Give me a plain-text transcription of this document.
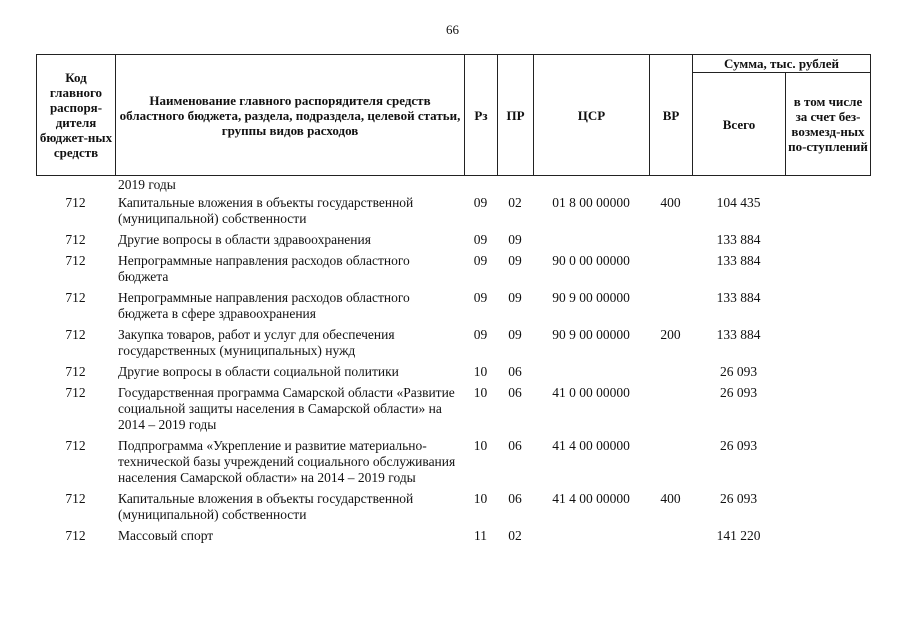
66
Код главного распоря-дителя бюджет-ных средств	Наименование главного распорядителя средств областного бюджета, раздела, подраздела, целевой статьи, группы видов расходов	Рз	ПР	ЦСР	ВР	Сумма, тыс. рублей	
						Всего	в том числе за счет без-возмезд-ных по-ступлений
	2019 годы						
712	Капитальные вложения в объекты государственной (муниципальной) собственности	09	02	01 8 00 00000	400	104 435	
712	Другие вопросы в области здравоохранения	09	09			133 884	
712	Непрограммные направления расходов областного бюджета	09	09	90 0 00 00000		133 884	
712	Непрограммные направления расходов областного бюджета в сфере здравоохранения	09	09	90 9 00 00000		133 884	
712	Закупка товаров, работ и услуг для обеспечения государственных (муниципальных) нужд	09	09	90 9 00 00000	200	133 884	
712	Другие вопросы в области социальной политики	10	06			26 093	
712	Государственная программа Самарской области «Развитие социальной защиты населения в Самарской области» на 2014 – 2019 годы	10	06	41 0 00 00000		26 093	
712	Подпрограмма «Укрепление и развитие материально-технической базы учреждений социального обслуживания населения Самарской области» на 2014 – 2019 годы	10	06	41 4 00 00000		26 093	
712	Капитальные вложения в объекты государственной (муниципальной) собственности	10	06	41 4 00 00000	400	26 093	
712	Массовый спорт	11	02			141 220	
